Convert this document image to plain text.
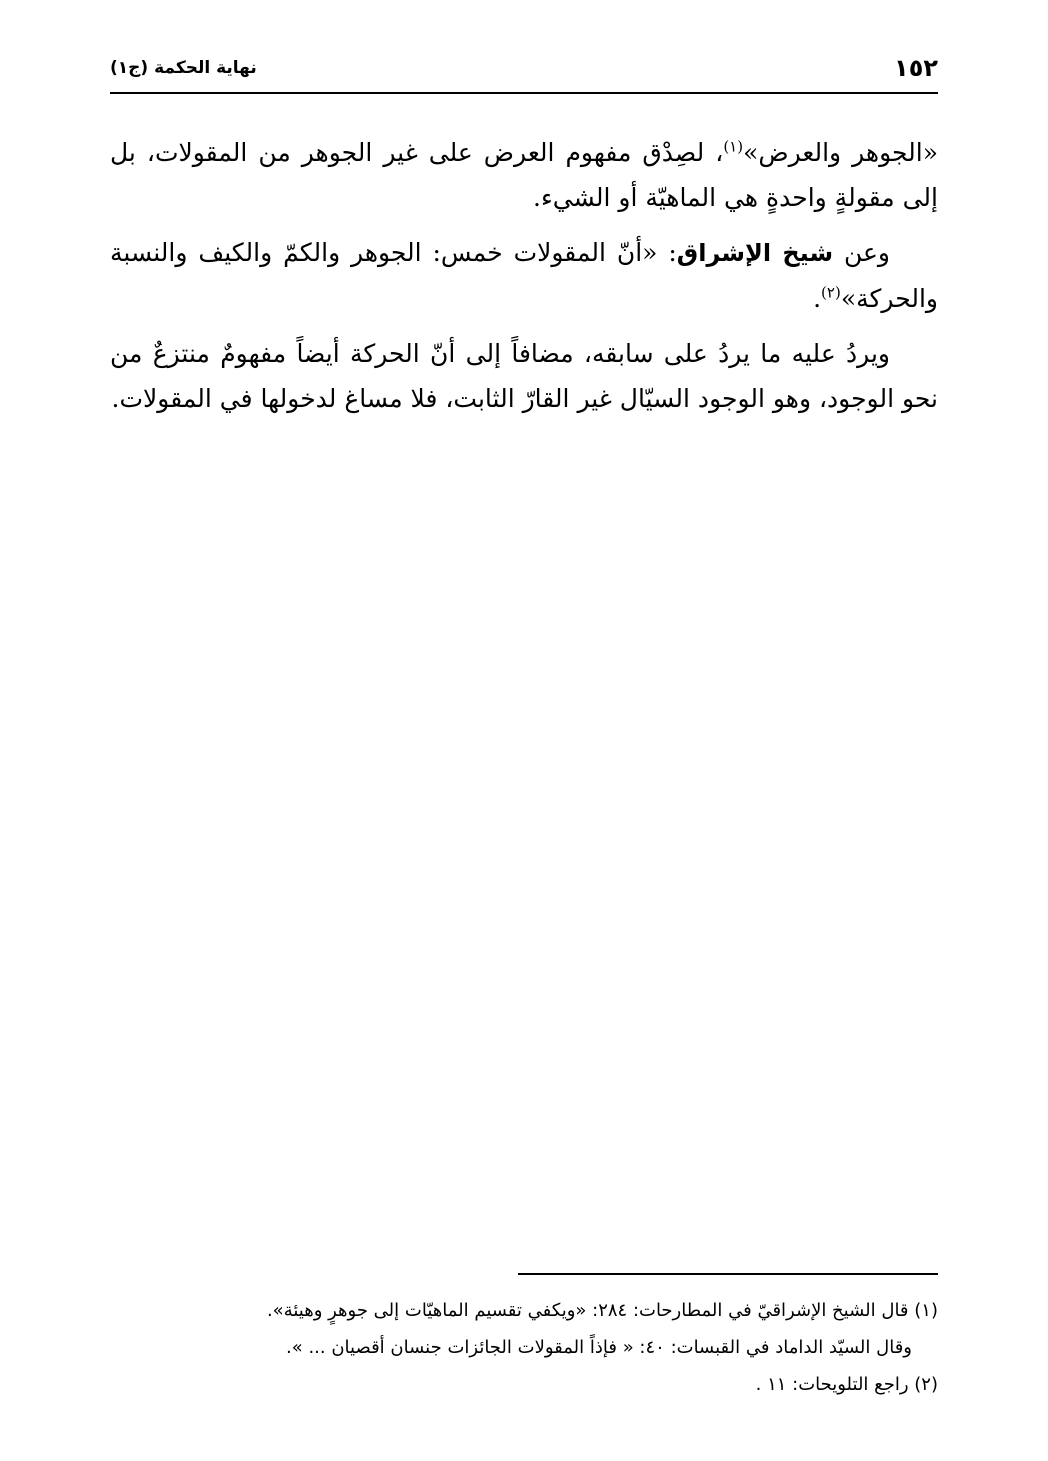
١٥٢
نهاية الحكمة (ج١)

«الجوهر والعرض»$^{(١)}$، لصِدْق مفهوم العرض على غير الجوهر من المقولات، بل إلى مقولةٍ واحدةٍ هي الماهيّة أو الشيء.

وعن شيخ الإشراق: «أنّ المقولات خمس: الجوهر والكمّ والكيف والنسبة والحركة»$^{(٢)}$.

ويردُ عليه ما يردُ على سابقه، مضافاً إلى أنّ الحركة أيضاً مفهومٌ منتزعٌ من نحو الوجود، وهو الوجود السيّال غير القارّ الثابت، فلا مساغ لدخولها في المقولات.

(١) قال الشيخ الإشراقيّ في المطارحات: ٢٨٤: «ويكفي تقسيم الماهيّات إلى جوهرٍ وهيئة».

وقال السيّد الداماد في القبسات: ٤٠: « فإذاً المقولات الجائزات جنسان أقصيان ... ».

(٢) راجع التلويحات: ١١ .
